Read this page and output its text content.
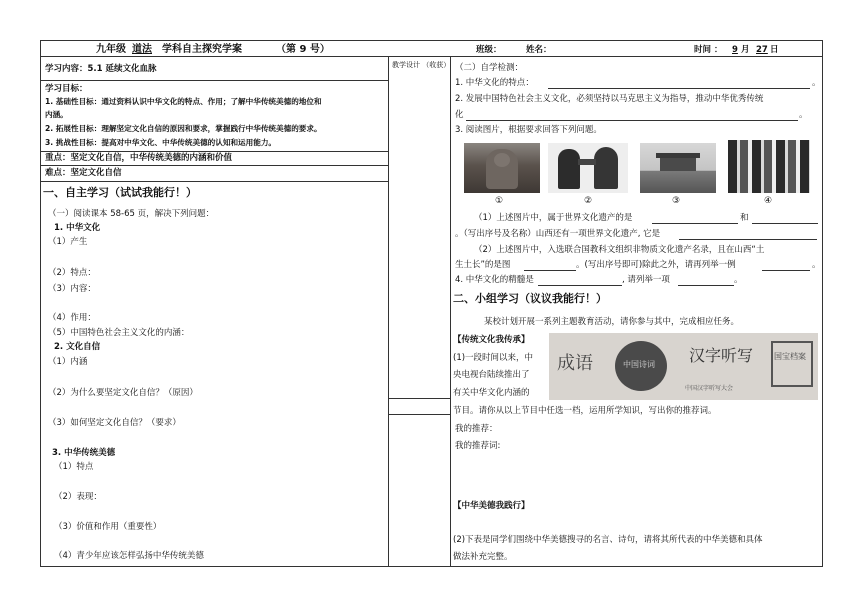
九年级 道法 学科自主探究学案	（第 9 号）	班级：	姓名：	时间 ： 9 月 27 日
学习内容：5.1 延续文化血脉	教学设计 （收获）
学习目标：
1. 基础性目标：通过资料认识中华文化的特点、作用；了解中华传统美德的地位和
内涵。
2. 拓展性目标：理解坚定文化自信的原因和要求，掌握践行中华传统美德的要求。
3. 挑战性目标：提高对中华文化、中华传统美德的认知和运用能力。
重点：坚定文化自信，中华传统美德的内涵和价值
难点：坚定文化自信
一、自主学习（试试我能行！）
（一）阅读课本 58-65 页，解决下列问题：
1. 中华文化
（1）产生
（2）特点：
（3）内容：
（4）作用：
（5）中国特色社会主义文化的内涵：
2. 文化自信
（1）内涵
（2）为什么要坚定文化自信？（原因）
（3）如何坚定文化自信？（要求）
3. 中华传统美德
（1）特点
（2）表现：
（3）价值和作用（重要性）
（4）青少年应该怎样弘扬中华传统美德
（二）自学检测：
1. 中华文化的特点：	。
2. 发展中国特色社会主义文化，必须坚持以马克思主义为指导，推动中华优秀传统
化	。
3. 阅读图片，根据要求回答下列问题。
①	②	③	④
（1）上述图片中，属于世界文化遗产的是	和
。（写出序号及名称）山西还有一项世界文化遗产, 它是
（2）上述图片中，入选联合国教科文组织非物质文化遗产名录，且在山西“土
生土长”的是图	。(写出序号即可)除此之外，请再列举一例	。
4. 中华文化的精髓是	, 请列举一项	。
二、小组学习（议议我能行！）
某校计划开展一系列主题教育活动，请你参与其中，完成相应任务。
【传统文化我传承】
(1)一段时间以来，中
央电视台陆续推出了
有关中华文化内涵的
节目。请你从以上节目中任选一档，运用所学知识，写出你的推荐词。
成语	中国诗词 汉字听写
中国汉字听写大会
国宝档案
我的推荐：
我的推荐词:
【中华美德我践行】
(2)下表是同学们围绕中华美德搜寻的名言、诗句，请将其所代表的中华美德和具体
做法补充完整。
